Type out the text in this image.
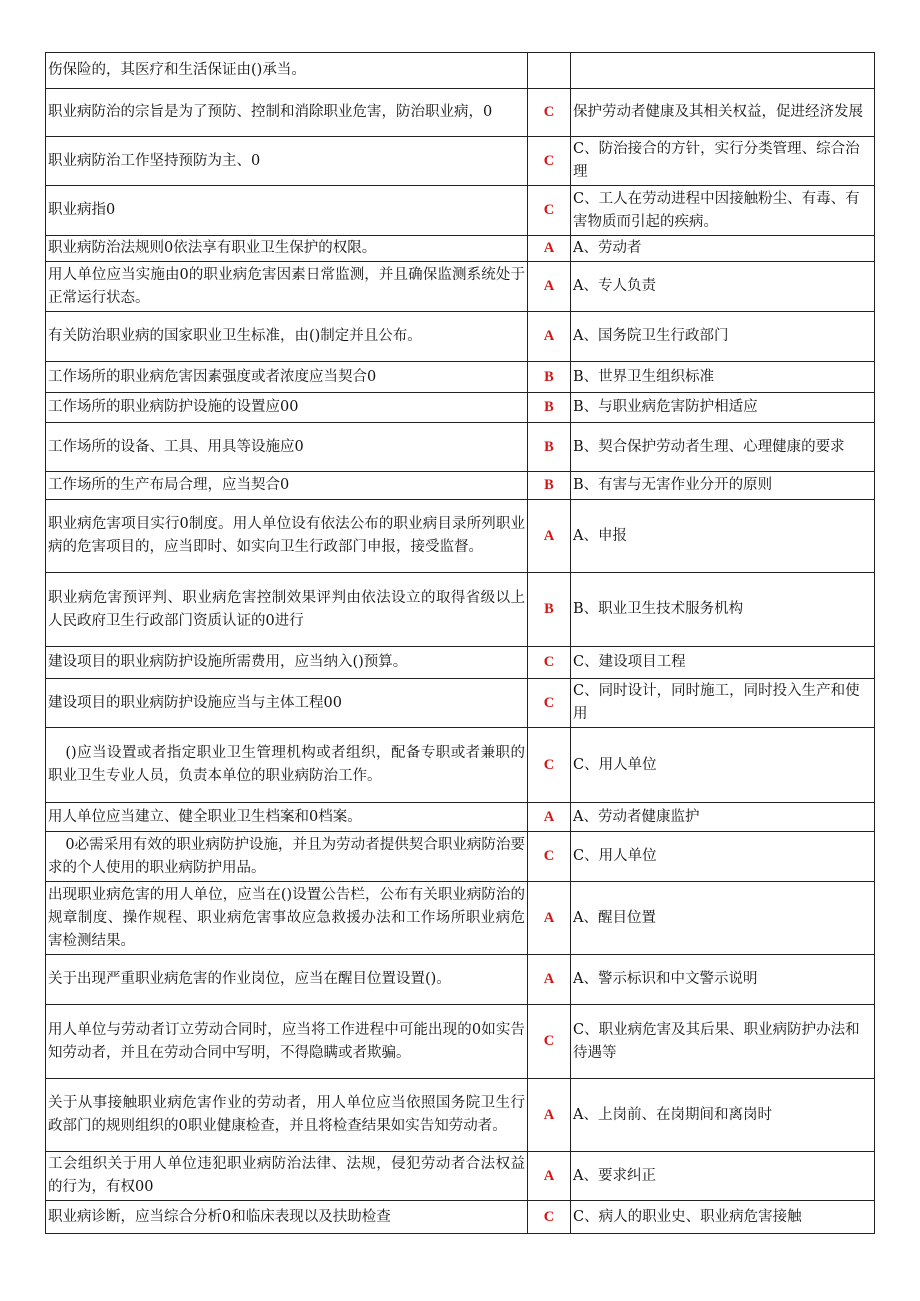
伤保险的，其医疗和生活保证由()承当。		
职业病防治的宗旨是为了预防、控制和消除职业危害，防治职业病，0	C	保护劳动者健康及其相关权益，促进经济发展
职业病防治工作坚持预防为主、0	C	C、防治接合的方针，实行分类管理、综合治理
职业病指0	C	C、工人在劳动进程中因接触粉尘、有毒、有害物质而引起的疾病。
职业病防治法规则0依法享有职业卫生保护的权限。	A	A、劳动者
用人单位应当实施由0的职业病危害因素日常监测，并且确保监测系统处于正常运行状态。	A	A、专人负责
有关防治职业病的国家职业卫生标准，由()制定并且公布。	A	A、国务院卫生行政部门
工作场所的职业病危害因素强度或者浓度应当契合0	B	B、世界卫生组织标准
工作场所的职业病防护设施的设置应00	B	B、与职业病危害防护相适应
工作场所的设备、工具、用具等设施应0	B	B、契合保护劳动者生理、心理健康的要求
工作场所的生产布局合理，应当契合0	B	B、有害与无害作业分开的原则
职业病危害项目实行0制度。用人单位设有依法公布的职业病目录所列职业病的危害项目的，应当即时、如实向卫生行政部门申报，接受监督。	A	A、申报
职业病危害预评判、职业病危害控制效果评判由依法设立的取得省级以上人民政府卫生行政部门资质认证的0进行	B	B、职业卫生技术服务机构
建设项目的职业病防护设施所需费用，应当纳入()预算。	C	C、建设项目工程
建设项目的职业病防护设施应当与主体工程00	C	C、同时设计，同时施工，同时投入生产和使用
()应当设置或者指定职业卫生管理机构或者组织，配备专职或者兼职的职业卫生专业人员，负责本单位的职业病防治工作。	C	C、用人单位
用人单位应当建立、健全职业卫生档案和0档案。	A	A、劳动者健康监护
0必需采用有效的职业病防护设施，并且为劳动者提供契合职业病防治要求的个人使用的职业病防护用品。	C	C、用人单位
出现职业病危害的用人单位，应当在()设置公告栏，公布有关职业病防治的规章制度、操作规程、职业病危害事故应急救援办法和工作场所职业病危害检测结果。	A	A、醒目位置
关于出现严重职业病危害的作业岗位，应当在醒目位置设置()。	A	A、警示标识和中文警示说明
用人单位与劳动者订立劳动合同时，应当将工作进程中可能出现的0如实告知劳动者，并且在劳动合同中写明，不得隐瞒或者欺骗。	C	C、职业病危害及其后果、职业病防护办法和待遇等
关于从事接触职业病危害作业的劳动者，用人单位应当依照国务院卫生行政部门的规则组织的0职业健康检查，并且将检查结果如实告知劳动者。	A	A、上岗前、在岗期间和离岗时
工会组织关于用人单位违犯职业病防治法律、法规，侵犯劳动者合法权益的行为，有权00	A	A、要求纠正
职业病诊断，应当综合分析0和临床表现以及扶助检查	C	C、病人的职业史、职业病危害接触
